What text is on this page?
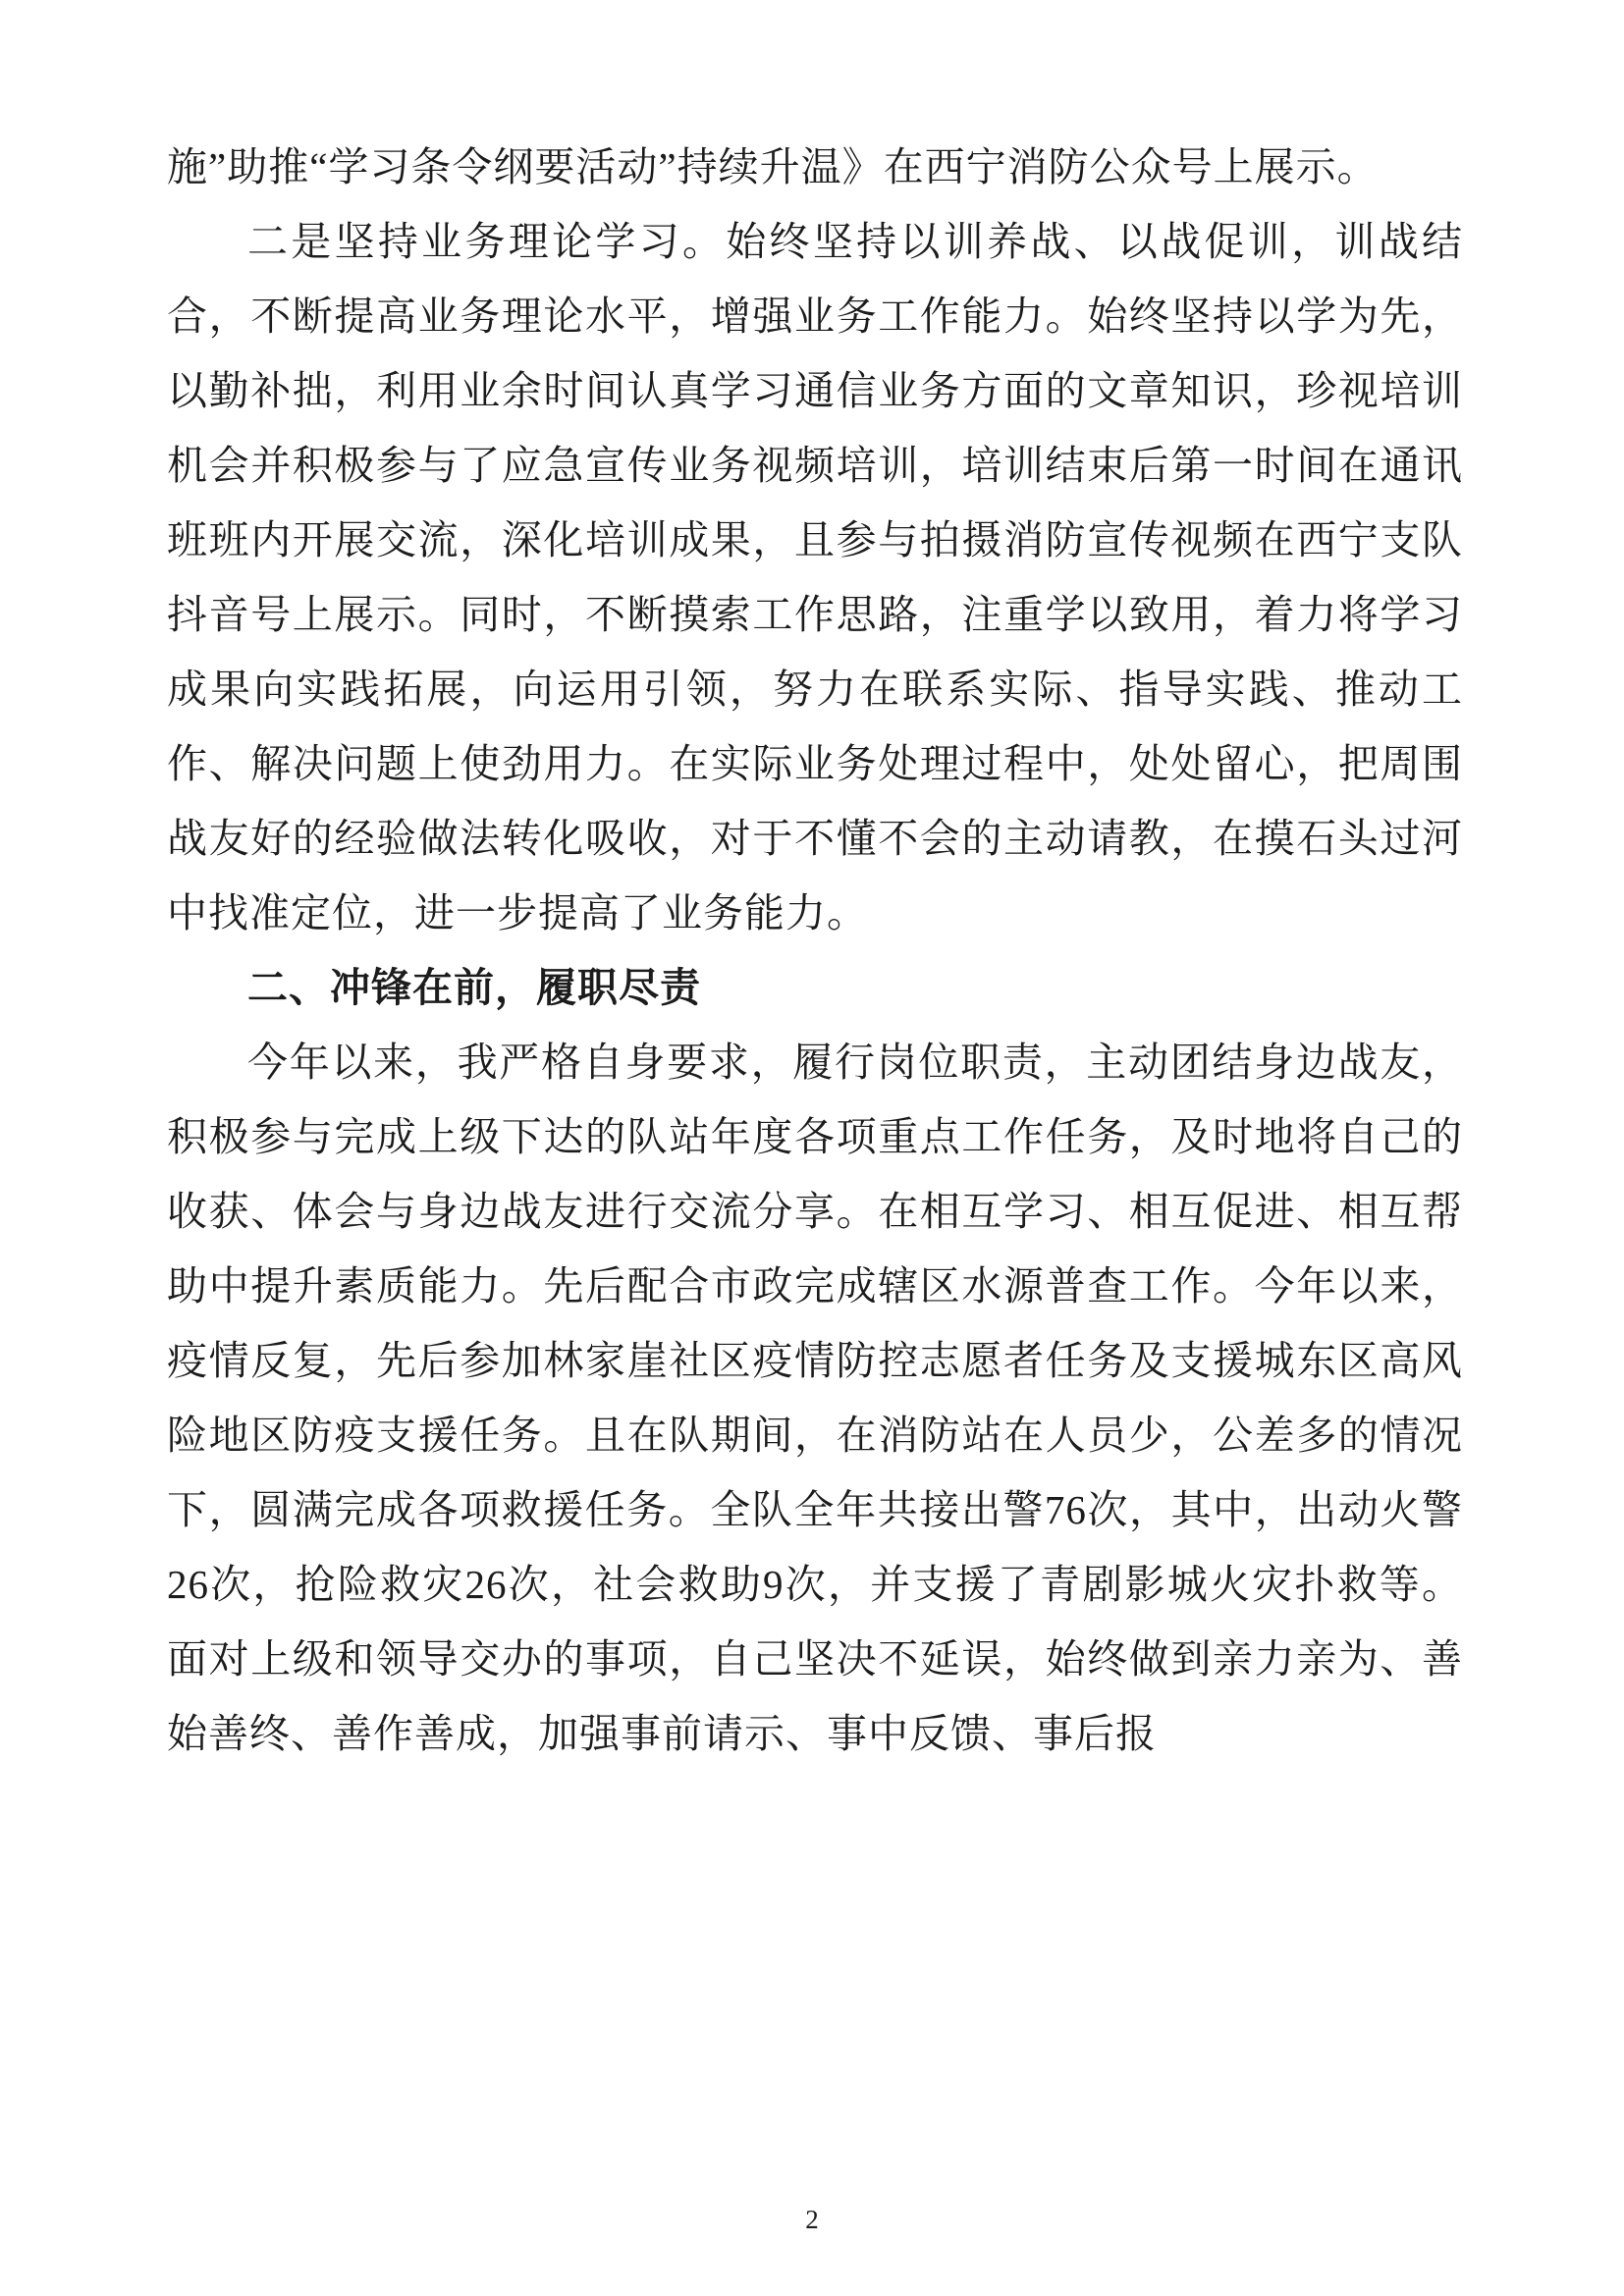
施”助推“学习条令纲要活动”持续升温》在西宁消防公众号上展示。

二是坚持业务理论学习。始终坚持以训养战、以战促训，训战结合，不断提高业务理论水平，增强业务工作能力。始终坚持以学为先，以勤补拙，利用业余时间认真学习通信业务方面的文章知识，珍视培训机会并积极参与了应急宣传业务视频培训，培训结束后第一时间在通讯班班内开展交流，深化培训成果，且参与拍摄消防宣传视频在西宁支队抖音号上展示。同时，不断摸索工作思路，注重学以致用，着力将学习成果向实践拓展，向运用引领，努力在联系实际、指导实践、推动工作、解决问题上使劲用力。在实际业务处理过程中，处处留心，把周围战友好的经验做法转化吸收，对于不懂不会的主动请教，在摸石头过河中找准定位，进一步提高了业务能力。

二、冲锋在前，履职尽责

今年以来，我严格自身要求，履行岗位职责，主动团结身边战友，积极参与完成上级下达的队站年度各项重点工作任务，及时地将自己的收获、体会与身边战友进行交流分享。在相互学习、相互促进、相互帮助中提升素质能力。先后配合市政完成辖区水源普查工作。今年以来，疫情反复，先后参加林家崖社区疫情防控志愿者任务及支援城东区高风险地区防疫支援任务。且在队期间，在消防站在人员少，公差多的情况下，圆满完成各项救援任务。全队全年共接出警76次，其中，出动火警26次，抢险救灾26次，社会救助9次，并支援了青剧影城火灾扑救等。面对上级和领导交办的事项，自己坚决不延误，始终做到亲力亲为、善始善终、善作善成，加强事前请示、事中反馈、事后报

2
